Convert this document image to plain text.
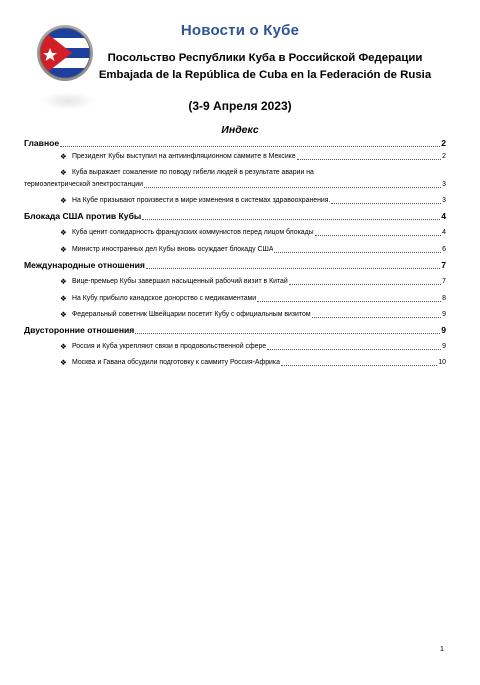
Новости о Кубе
Посольство Республики Куба в Российской Федерации
Embajada de la República de Cuba en la Federación de Rusia
(3-9 Апреля 2023)
Индекс
Главное	2
❖ Президент Кубы выступил на антиинфляционном саммите в Мексике	2
❖ Куба выражает сожаление по поводу гибели людей в результате аварии на
термоэлектрической электростанции	3
❖ На Кубе призывают произвести в мире изменения в системах здравоохранения.	3
Блокада США против Кубы	4
❖ Куба ценит солидарность французских коммунистов перед лицом блокады	4
❖ Министр иностранных дел Кубы вновь осуждает блокаду США	6
Международные отношения	7
❖ Вице-премьер Кубы завершил насыщенный рабочий визит в Китай	7
❖ На Кубу прибыло канадское донорство с медикаментами	8
❖ Федеральный советник Швейцарии посетит Кубу с официальным визитом	9
Двусторонние отношения	9
❖ Россия и Куба укрепляют связи в продовольственной сфере	9
❖ Москва и Гавана обсудили подготовку к саммиту Россия-Африка	10
1
